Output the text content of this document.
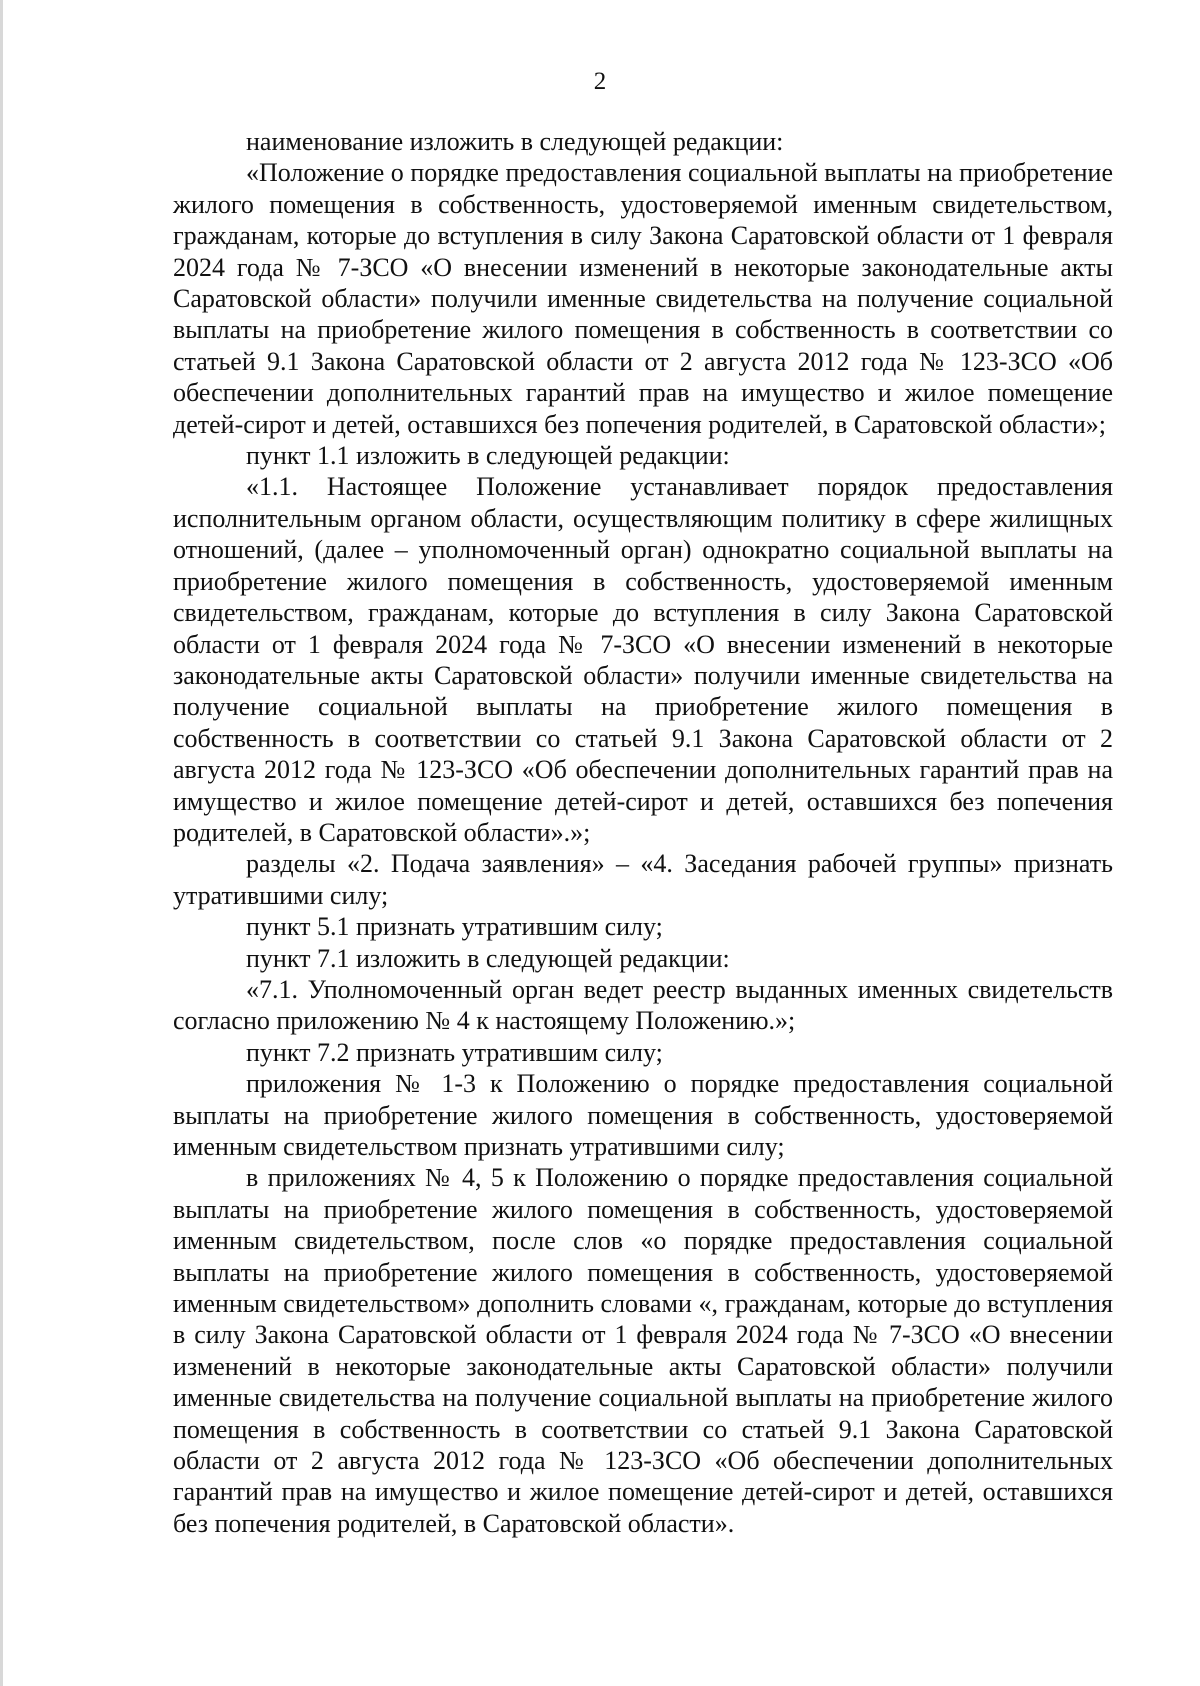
2

наименование изложить в следующей редакции:

«Положение о порядке предоставления социальной выплаты на приобретение жилого помещения в собственность, удостоверяемой именным свидетельством, гражданам, которые до вступления в силу Закона Саратовской области от 1 февраля 2024 года № 7-ЗСО «О внесении изменений в некоторые законодательные акты Саратовской области» получили именные свидетельства на получение социальной выплаты на приобретение жилого помещения в собственность в соответствии со статьей 9.1 Закона Саратовской области от 2 августа 2012 года № 123-ЗСО «Об обеспечении дополнительных гарантий прав на имущество и жилое помещение детей-сирот и детей, оставшихся без попечения родителей, в Саратовской области»;

пункт 1.1 изложить в следующей редакции:

«1.1. Настоящее Положение устанавливает порядок предоставления исполнительным органом области, осуществляющим политику в сфере жилищных отношений, (далее – уполномоченный орган) однократно социальной выплаты на приобретение жилого помещения в собственность, удостоверяемой именным свидетельством, гражданам, которые до вступления в силу Закона Саратовской области от 1 февраля 2024 года № 7-ЗСО «О внесении изменений в некоторые законодательные акты Саратовской области» получили именные свидетельства на получение социальной выплаты на приобретение жилого помещения в собственность в соответствии со статьей 9.1 Закона Саратовской области от 2 августа 2012 года № 123-ЗСО «Об обеспечении дополнительных гарантий прав на имущество и жилое помещение детей-сирот и детей, оставшихся без попечения родителей, в Саратовской области».»;

разделы «2. Подача заявления» – «4. Заседания рабочей группы» признать утратившими силу;

пункт 5.1 признать утратившим силу;

пункт 7.1 изложить в следующей редакции:

«7.1. Уполномоченный орган ведет реестр выданных именных свидетельств согласно приложению № 4 к настоящему Положению.»;

пункт 7.2 признать утратившим силу;

приложения № 1-3 к Положению о порядке предоставления социальной выплаты на приобретение жилого помещения в собственность, удостоверяемой именным свидетельством признать утратившими силу;

в приложениях № 4, 5 к Положению о порядке предоставления социальной выплаты на приобретение жилого помещения в собственность, удостоверяемой именным свидетельством, после слов «о порядке предоставления социальной выплаты на приобретение жилого помещения в собственность, удостоверяемой именным свидетельством» дополнить словами «, гражданам, которые до вступления в силу Закона Саратовской области от 1 февраля 2024 года № 7-ЗСО «О внесении изменений в некоторые законодательные акты Саратовской области» получили именные свидетельства на получение социальной выплаты на приобретение жилого помещения в собственность в соответствии со статьей 9.1 Закона Саратовской области от 2 августа 2012 года № 123-ЗСО «Об обеспечении дополнительных гарантий прав на имущество и жилое помещение детей-сирот и детей, оставшихся без попечения родителей, в Саратовской области».
